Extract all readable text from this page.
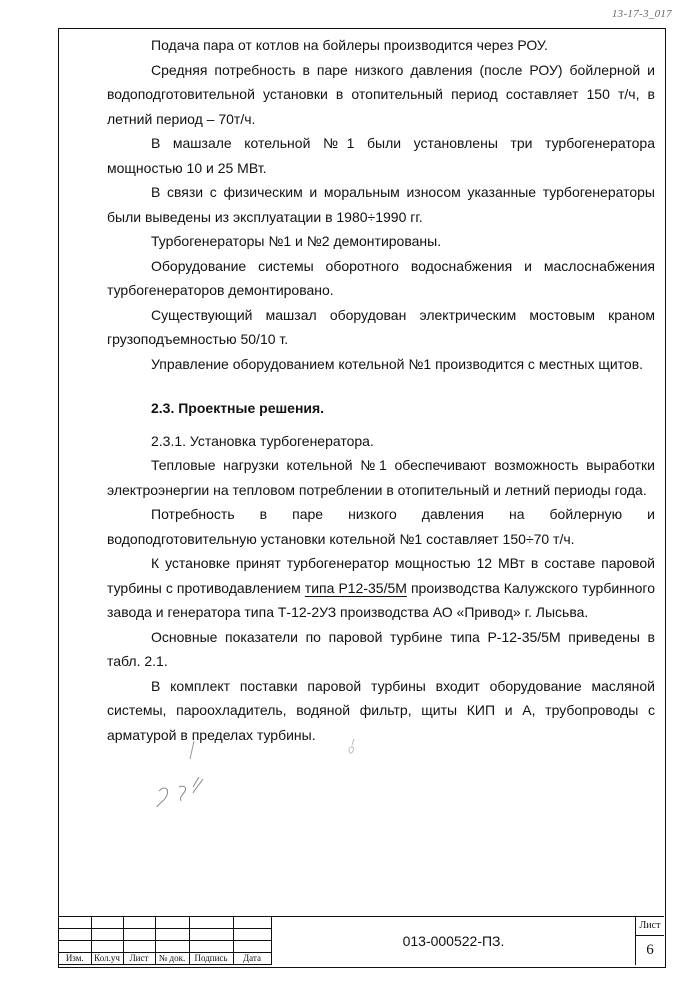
13-17-3_017

Подача пара от котлов на бойлеры производится через РОУ.

Средняя потребность в паре низкого давления (после РОУ) бойлерной и водоподготовительной установки в отопительный период составляет 150 т/ч, в летний период – 70т/ч.

В машзале котельной №1 были установлены три турбогенератора мощностью 10 и 25 МВт.

В связи с физическим и моральным износом указанные турбогенераторы были выведены из эксплуатации в 1980÷1990 гг.

Турбогенераторы №1 и №2 демонтированы.

Оборудование системы оборотного водоснабжения и маслоснабжения турбогенераторов демонтировано.

Существующий машзал оборудован электрическим мостовым краном грузоподъемностью 50/10 т.

Управление оборудованием котельной №1 производится с местных щитов.

2.3. Проектные решения.

2.3.1. Установка турбогенератора.

Тепловые нагрузки котельной №1 обеспечивают возможность выработки электроэнергии на тепловом потреблении в отопительный и летний периоды года.

Потребность в паре низкого давления на бойлерную и водоподготовительную установки котельной №1 составляет 150÷70 т/ч.

К установке принят турбогенератор мощностью 12 МВт в составе паровой турбины с противодавлением типа Р12-35/5М производства Калужского турбинного завода и генератора типа Т-12-2УЗ производства АО «Привод» г. Лысьва.

Основные показатели по паровой турбине типа Р-12-35/5М приведены в табл. 2.1.

В комплект поставки паровой турбины входит оборудование масляной системы, пароохладитель, водяной фильтр, щиты КИП и А, трубопроводы с арматурой в пределах турбины.

Изм.	Кол.уч	Лист	№ док.	Подпись	Дата
013-000522-ПЗ.
Лист
6
